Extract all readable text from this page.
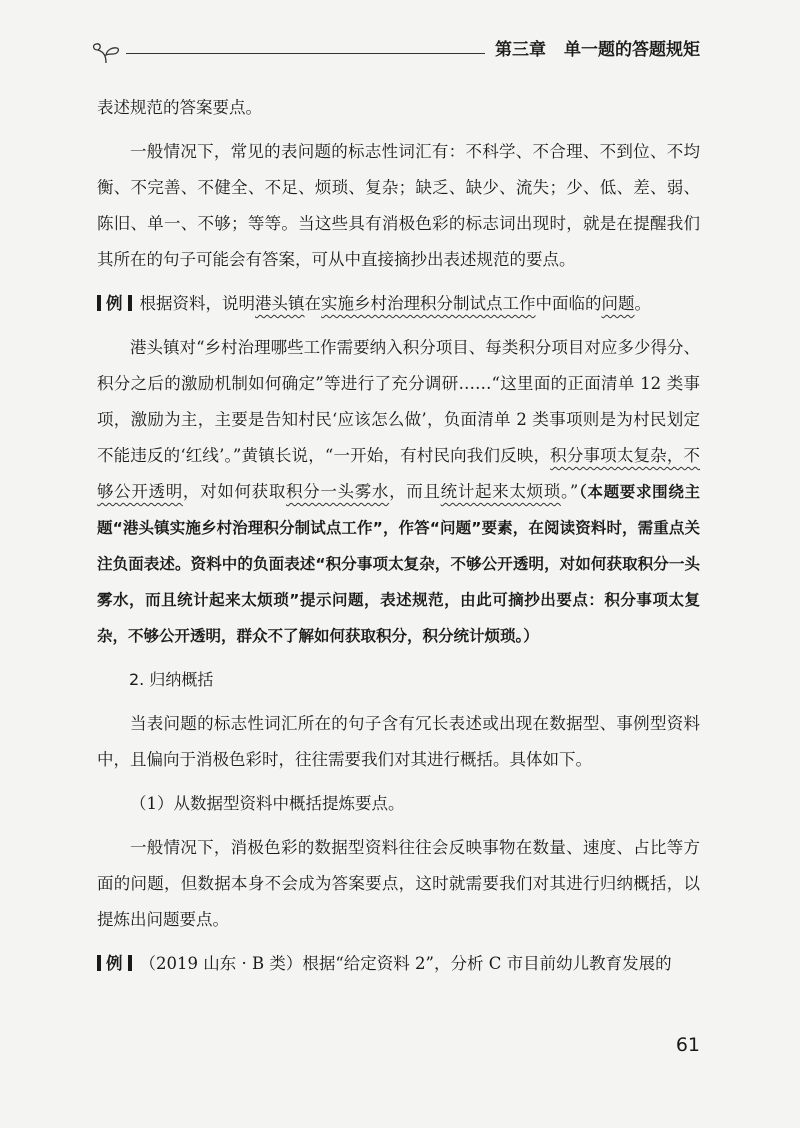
第三章 单一题的答题规矩

表述规范的答案要点。

一般情况下，常见的表问题的标志性词汇有：不科学、不合理、不到位、不均衡、不完善、不健全、不足、烦琐、复杂；缺乏、缺少、流失；少、低、差、弱、陈旧、单一、不够；等等。当这些具有消极色彩的标志词出现时，就是在提醒我们其所在的句子可能会有答案，可从中直接摘抄出表述规范的要点。

例 根据资料，说明港头镇在实施乡村治理积分制试点工作中面临的问题。

港头镇对“乡村治理哪些工作需要纳入积分项目、每类积分项目对应多少得分、积分之后的激励机制如何确定”等进行了充分调研……“这里面的正面清单 12 类事项，激励为主，主要是告知村民‘应该怎么做’，负面清单 2 类事项则是为村民划定不能违反的‘红线’。”黄镇长说，“一开始，有村民向我们反映，积分事项太复杂，不够公开透明，对如何获取积分一头雾水，而且统计起来太烦琐。”（本题要求围绕主题“港头镇实施乡村治理积分制试点工作”，作答“问题”要素，在阅读资料时，需重点关注负面表述。资料中的负面表述“积分事项太复杂，不够公开透明，对如何获取积分一头雾水，而且统计起来太烦琐”提示问题，表述规范，由此可摘抄出要点：积分事项太复杂，不够公开透明，群众不了解如何获取积分，积分统计烦琐。）

2. 归纳概括

当表问题的标志性词汇所在的句子含有冗长表述或出现在数据型、事例型资料中，且偏向于消极色彩时，往往需要我们对其进行概括。具体如下。

（1）从数据型资料中概括提炼要点。

一般情况下，消极色彩的数据型资料往往会反映事物在数量、速度、占比等方面的问题，但数据本身不会成为答案要点，这时就需要我们对其进行归纳概括，以提炼出问题要点。

例 （2019 山东 · B 类）根据“给定资料 2”，分析 C 市目前幼儿教育发展的

61
